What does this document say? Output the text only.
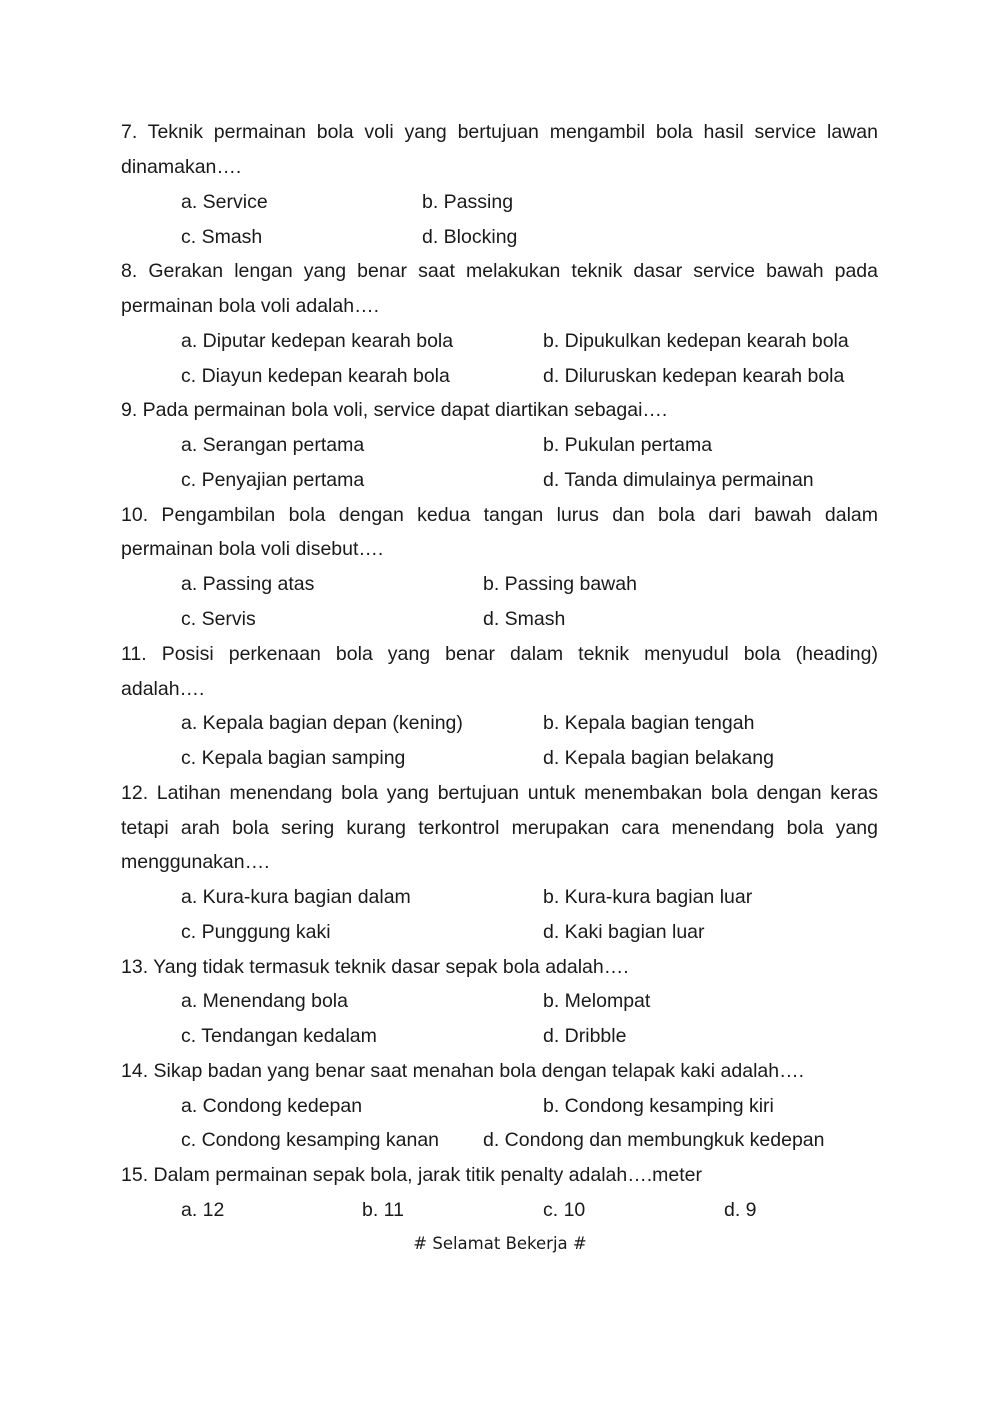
7. Teknik permainan bola voli yang bertujuan mengambil bola hasil service lawan
dinamakan….
a. Service	b. Passing
c. Smash	d. Blocking
8. Gerakan lengan yang benar saat melakukan teknik dasar service bawah pada
permainan bola voli adalah….
a. Diputar kedepan kearah bola	b. Dipukulkan kedepan kearah bola
c. Diayun kedepan kearah bola	d. Diluruskan kedepan kearah bola
9. Pada permainan bola voli, service dapat diartikan sebagai….
a. Serangan pertama	b. Pukulan pertama
c. Penyajian pertama	d. Tanda dimulainya permainan
10. Pengambilan bola dengan kedua tangan lurus dan bola dari bawah dalam
permainan bola voli disebut….
a. Passing atas	b. Passing bawah
c. Servis	d. Smash
11. Posisi perkenaan bola yang benar dalam teknik menyudul bola (heading)
adalah….
a. Kepala bagian depan (kening)	b. Kepala bagian tengah
c. Kepala bagian samping	d. Kepala bagian belakang
12. Latihan menendang bola yang bertujuan untuk menembakan bola dengan keras
tetapi arah bola sering kurang terkontrol merupakan cara menendang bola yang
menggunakan….
a. Kura-kura bagian dalam	b. Kura-kura bagian luar
c. Punggung kaki	d. Kaki bagian luar
13. Yang tidak termasuk teknik dasar sepak bola adalah….
a. Menendang bola	b. Melompat
c. Tendangan kedalam	d. Dribble
14. Sikap badan yang benar saat menahan bola dengan telapak kaki adalah….
a. Condong kedepan	b. Condong kesamping kiri
c. Condong kesamping kanan d. Condong dan membungkuk kedepan
15. Dalam permainan sepak bola, jarak titik penalty adalah….meter
a. 12	b. 11	c. 10	d. 9
# Selamat Bekerja #
